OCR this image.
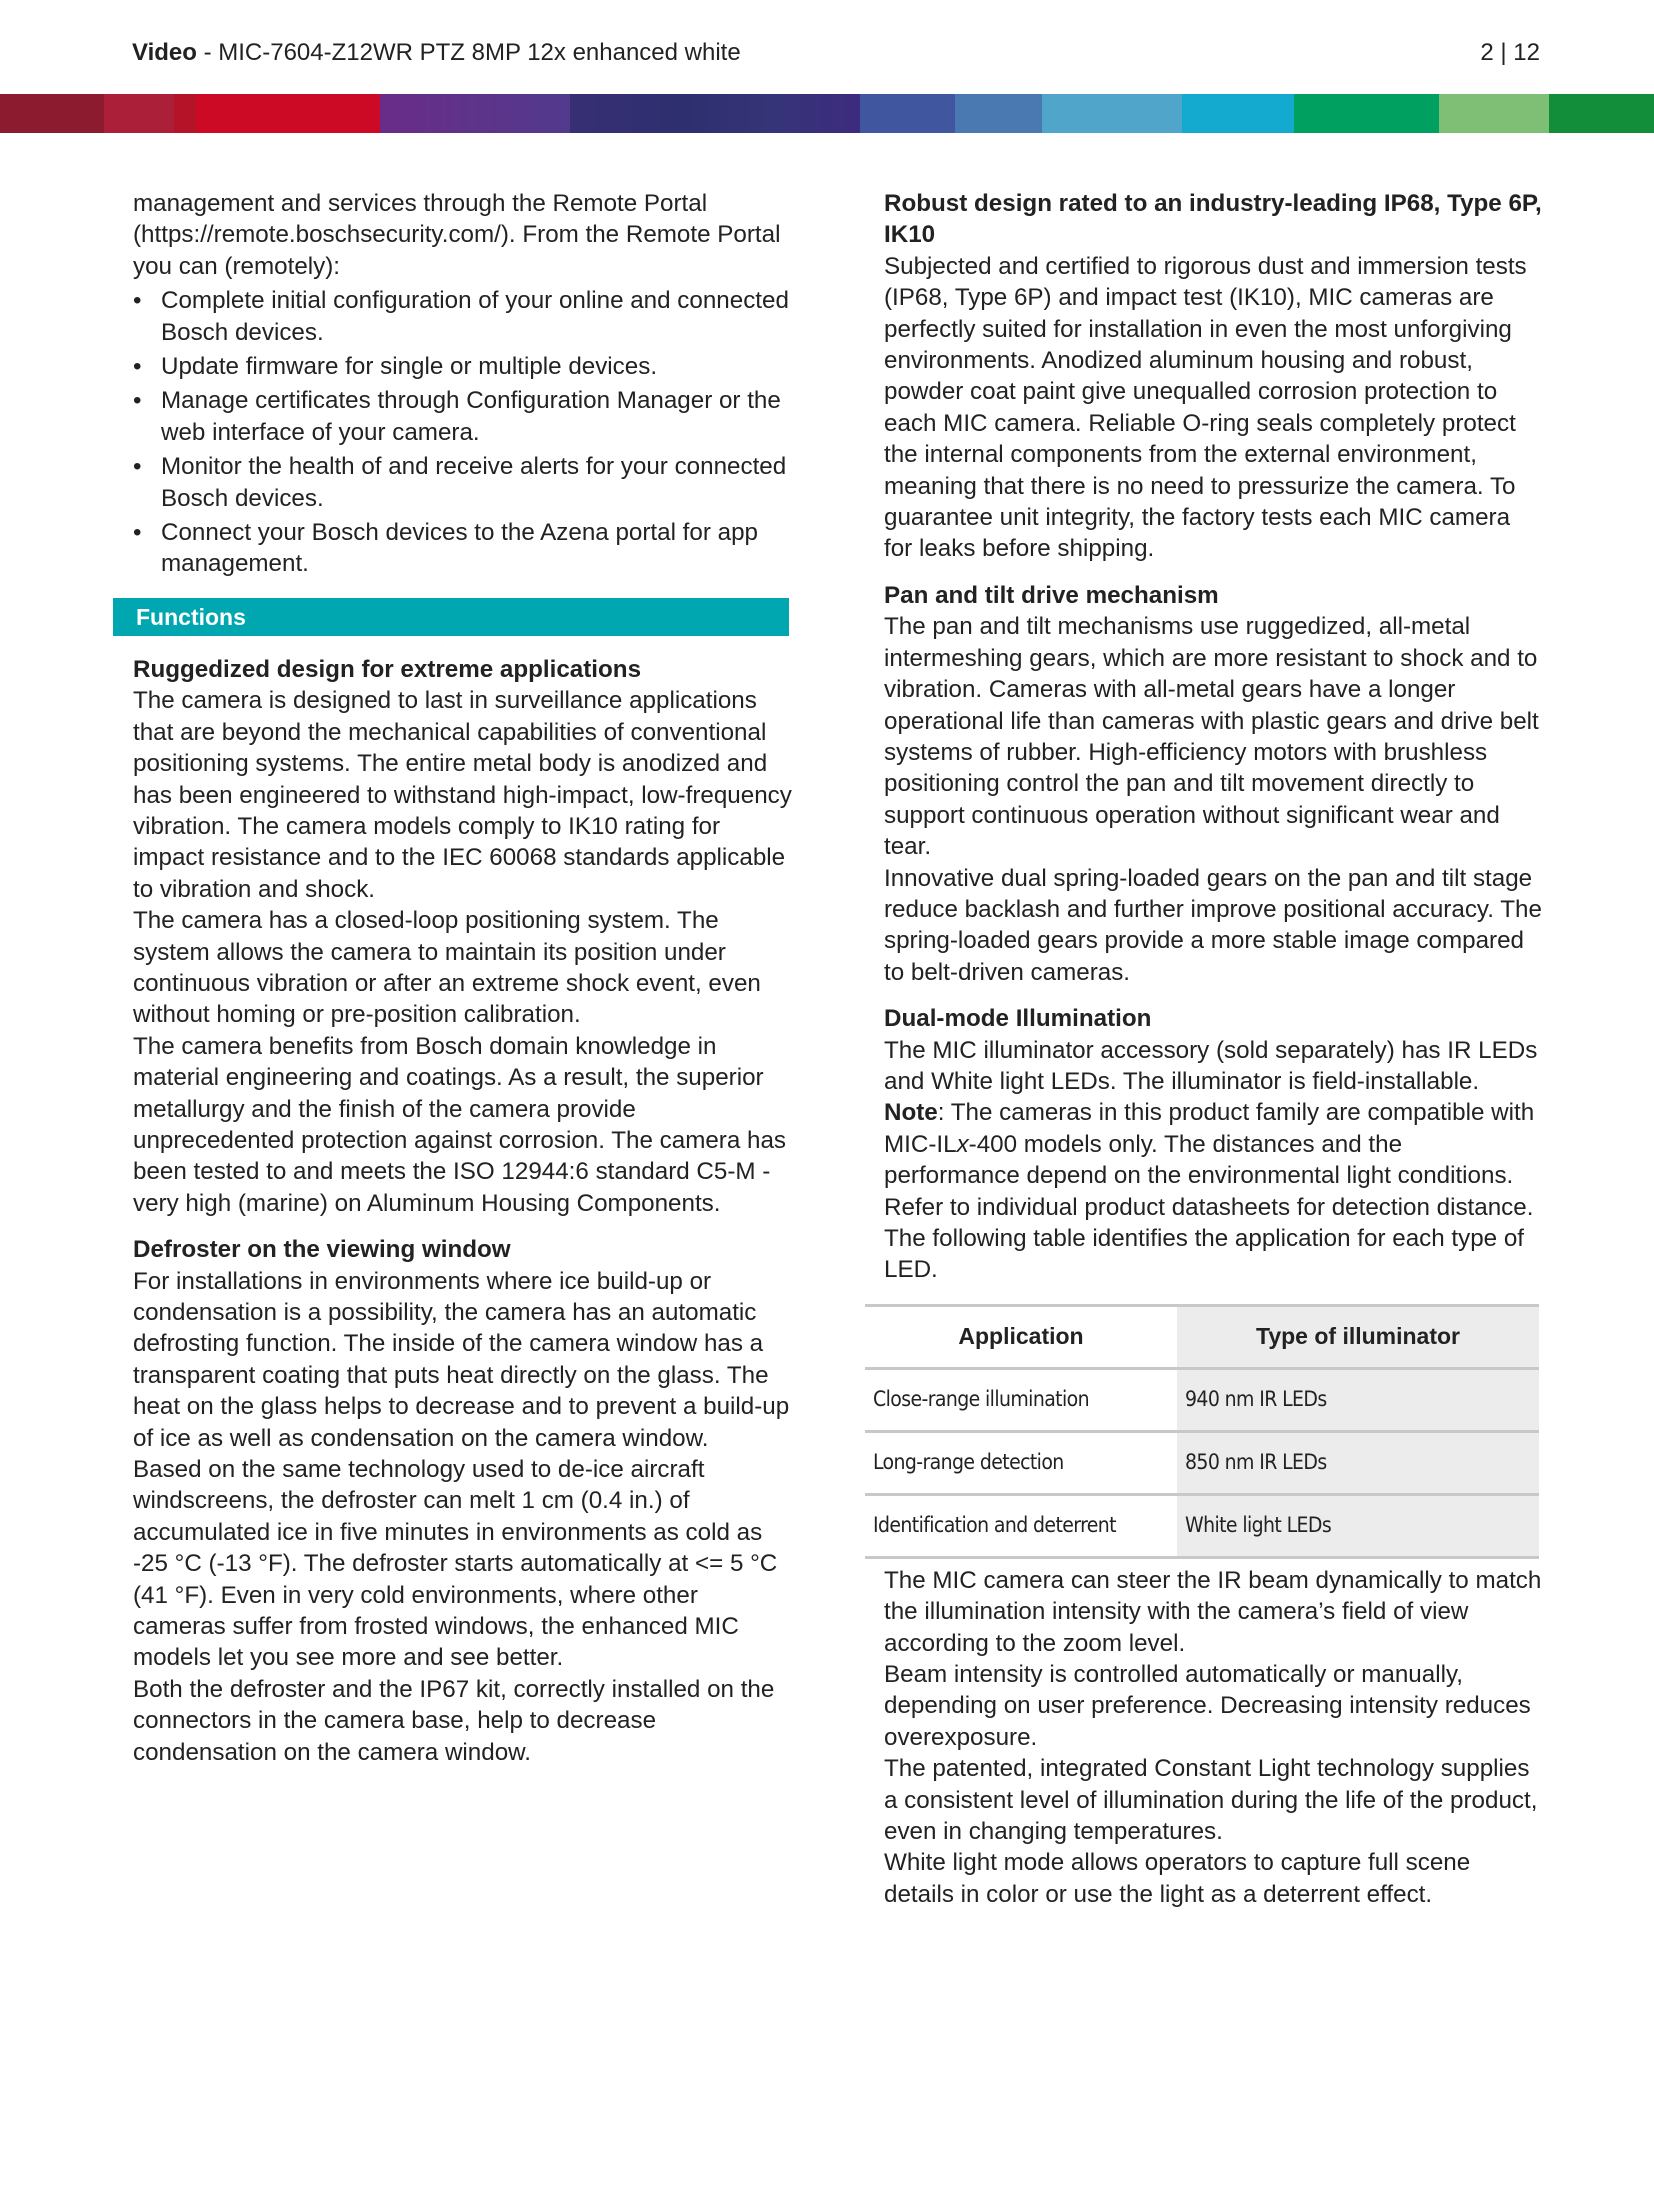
Video - MIC-7604-Z12WR PTZ 8MP 12x enhanced white	2 | 12

management and services through the Remote Portal (https://remote.boschsecurity.com/). From the Remote Portal you can (remotely):

• Complete initial configuration of your online and connected Bosch devices.
• Update firmware for single or multiple devices.
• Manage certificates through Configuration Manager or the web interface of your camera.
• Monitor the health of and receive alerts for your connected Bosch devices.
• Connect your Bosch devices to the Azena portal for app management.
Functions

Ruggedized design for extreme applications

The camera is designed to last in surveillance applications that are beyond the mechanical capabilities of conventional positioning systems. The entire metal body is anodized and has been engineered to withstand high-impact, low-frequency vibration. The camera models comply to IK10 rating for impact resistance and to the IEC 60068 standards applicable to vibration and shock.

The camera has a closed-loop positioning system. The system allows the camera to maintain its position under continuous vibration or after an extreme shock event, even without homing or pre-position calibration.

The camera benefits from Bosch domain knowledge in material engineering and coatings. As a result, the superior metallurgy and the finish of the camera provide unprecedented protection against corrosion. The camera has been tested to and meets the ISO 12944:6 standard C5-M - very high (marine) on Aluminum Housing Components.

Defroster on the viewing window

For installations in environments where ice build-up or condensation is a possibility, the camera has an automatic defrosting function. The inside of the camera window has a transparent coating that puts heat directly on the glass. The heat on the glass helps to decrease and to prevent a build-up of ice as well as condensation on the camera window.

Based on the same technology used to de-ice aircraft windscreens, the defroster can melt 1 cm (0.4 in.) of accumulated ice in five minutes in environments as cold as -25 °C (-13 °F). The defroster starts automatically at <= 5 °C (41 °F). Even in very cold environments, where other cameras suffer from frosted windows, the enhanced MIC models let you see more and see better.

Both the defroster and the IP67 kit, correctly installed on the connectors in the camera base, help to decrease condensation on the camera window.

Robust design rated to an industry-leading IP68, Type 6P, IK10

Subjected and certified to rigorous dust and immersion tests (IP68, Type 6P) and impact test (IK10), MIC cameras are perfectly suited for installation in even the most unforgiving environments. Anodized aluminum housing and robust, powder coat paint give unequalled corrosion protection to each MIC camera. Reliable O-ring seals completely protect the internal components from the external environment, meaning that there is no need to pressurize the camera. To guarantee unit integrity, the factory tests each MIC camera for leaks before shipping.

Pan and tilt drive mechanism

The pan and tilt mechanisms use ruggedized, all-metal intermeshing gears, which are more resistant to shock and to vibration. Cameras with all-metal gears have a longer operational life than cameras with plastic gears and drive belt systems of rubber. High-efficiency motors with brushless positioning control the pan and tilt movement directly to support continuous operation without significant wear and tear.

Innovative dual spring-loaded gears on the pan and tilt stage reduce backlash and further improve positional accuracy. The spring-loaded gears provide a more stable image compared to belt-driven cameras.

Dual-mode Illumination

The MIC illuminator accessory (sold separately) has IR LEDs and White light LEDs. The illuminator is field-installable.

Note: The cameras in this product family are compatible with MIC-ILx-400 models only. The distances and the performance depend on the environmental light conditions.

Refer to individual product datasheets for detection distance.

The following table identifies the application for each type of LED.

Application	Type of illuminator
Close-range illumination	940 nm IR LEDs
Long-range detection	850 nm IR LEDs
Identification and deterrent	White light LEDs

The MIC camera can steer the IR beam dynamically to match the illumination intensity with the camera’s field of view according to the zoom level.

Beam intensity is controlled automatically or manually, depending on user preference. Decreasing intensity reduces overexposure.

The patented, integrated Constant Light technology supplies a consistent level of illumination during the life of the product, even in changing temperatures.

White light mode allows operators to capture full scene details in color or use the light as a deterrent effect.
